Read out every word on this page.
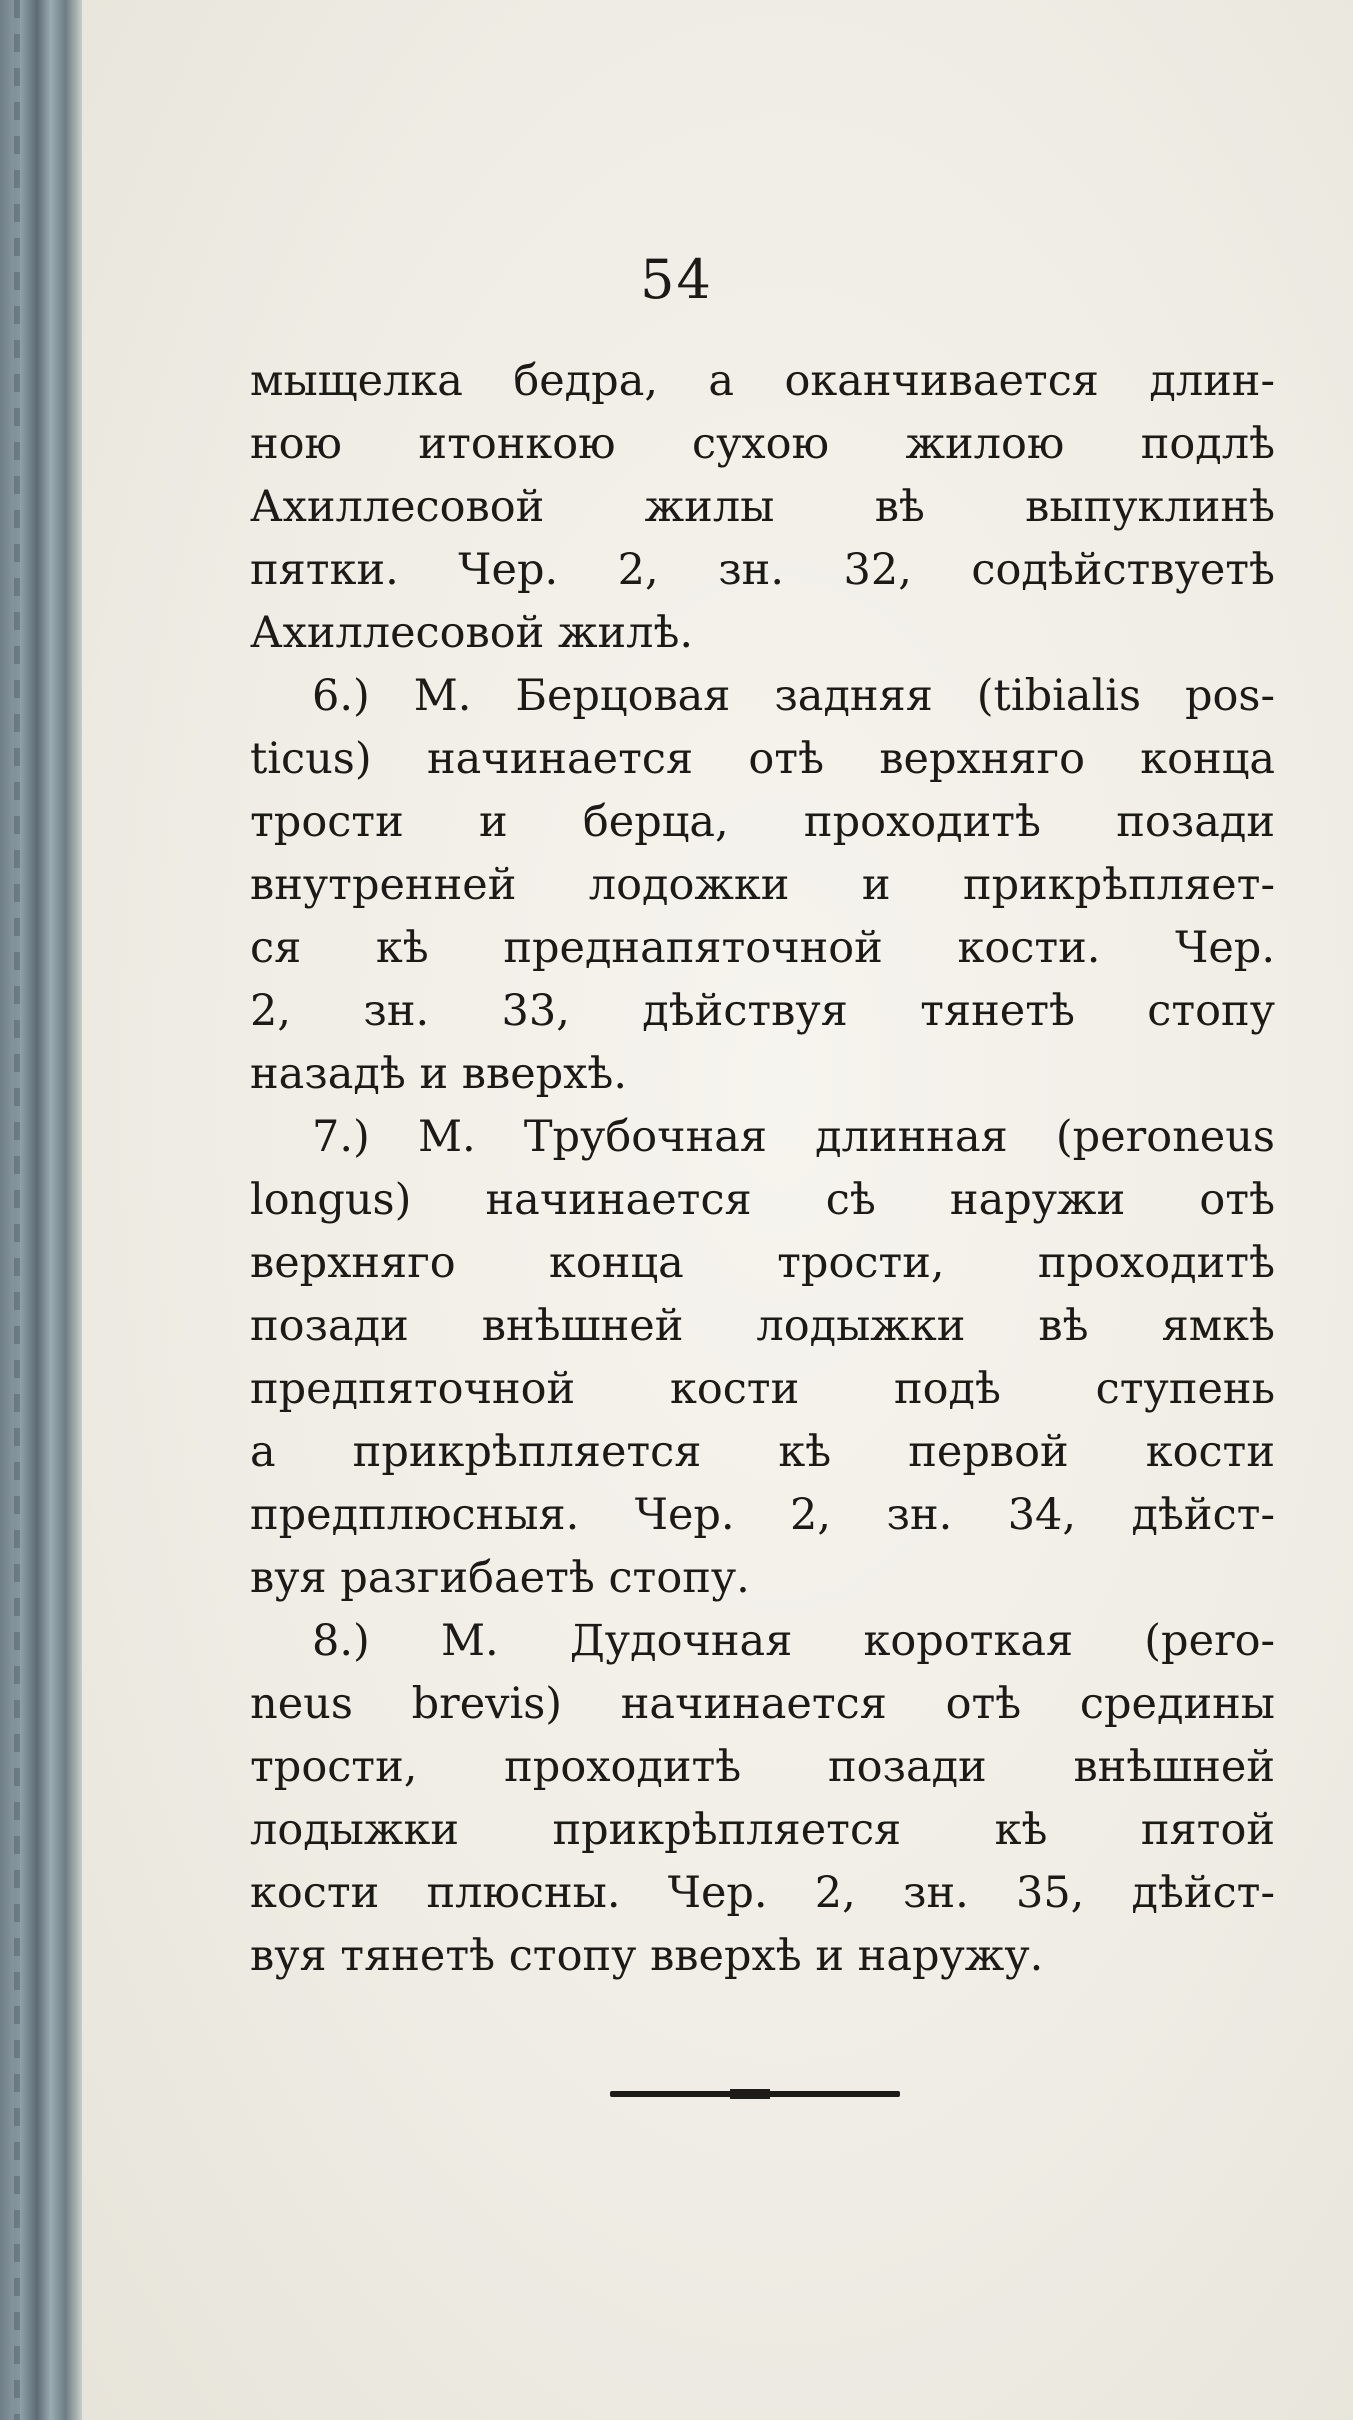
54
мыщелка бедра, а оканчивается длин-
ною итонкою сухою жилою подлѣ
Ахиллесовой жилы вѣ выпуклинѣ
пятки. Чер. 2, зн. 32, содѣйствуетѣ
Ахиллесовой жилѣ.
6.) М. Берцовая задняя (tibialis pos-
ticus) начинается отѣ верхняго конца
трости и берца, проходитѣ позади
внутренней лодожки и прикрѣпляет-
ся кѣ преднапяточной кости. Чер.
2, зн. 33, дѣйствуя тянетѣ стопу
назадѣ и вверхѣ.
7.) М. Трубочная длинная (peroneus
longus) начинается сѣ наружи отѣ
верхняго конца трости, проходитѣ
позади внѣшней лодыжки вѣ ямкѣ
предпяточной кости подѣ ступень
а прикрѣпляется кѣ первой кости
предплюсныя. Чер. 2, зн. 34, дѣйст-
вуя разгибаетѣ стопу.
8.) М. Дудочная короткая (pero-
neus brevis) начинается отѣ средины
трости, проходитѣ позади внѣшней
лодыжки прикрѣпляется кѣ пятой
кости плюсны. Чер. 2, зн. 35, дѣйст-
вуя тянетѣ стопу вверхѣ и наружу.
